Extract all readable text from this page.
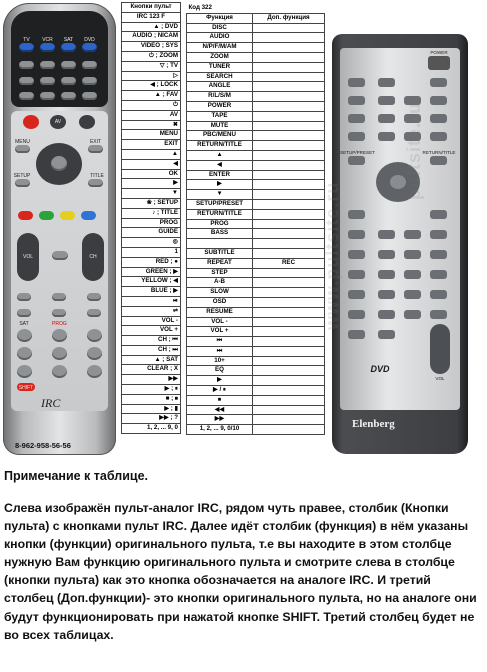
TV	VCR	SAT	DVD
AV
MENU	EXIT
SETUP	TITLE
VOL	CH
SAT	PROG
SHIFT
IRC
8-962-958-56-56
Кнопки пульт
IRC 123 F
▲ ; DVD
AUDIO ; NICAM
VIDEO ; SYS
⏻ ; ZOOM
▽ ; TV
▷
◀ ; LOCK
▲ ; FAV
⏻
AV
✖
MENU
EXIT
▲
◀
OK
▶
▼
❀ ; SETUP
♪ ; TITLE
PROG
GUIDE
◎
1
RED ; ●
GREEN ; ▶
YELLOW ; ◀
BLUE ; ▶
⏯
⇌
VOL -
VOL +
CH ; ⏮
CH ; ⏭
▲ ; SAT
CLEAR ; X
▶▶
▶ ; ⏸
■ ; ⏹
▶ ; ▮
▶▶ ; ?
1, 2, ... 9, 0
Код 322	
Функция	Доп. функция
DISC	
AUDIO	
N/P/F/M/AM	
ZOOM	
TUNER	
SEARCH	
ANGLE	
R/L/S/M	
POWER	
TAPE	
MUTE	
PBC/MENU	
RETURN/TITLE	
▲	
◀	
ENTER	
▶	
▼	
SETUP/PRESET	
RETURN/TITLE	
PROG	
BASS	

SUBTITLE	
REPEAT	REC
STEP	
A-B	
SLOW	
OSD	
RESUME	
VOL -	
VOL +	
⏮	
⏭	
10+	
EQ	
▶	
▶ / ⏸	
⏹	
◀◀	
▶▶	
1, 2, ... 9, 0/10	
POWER
SETUP/PRESET	RETURN/TITLE
VOL
DVD
Elenberg
www.pultsite.ru
pultsite.ru
Примечание к таблице.
Слева изображён пульт-аналог IRC, рядом чуть правее, столбик (Кнопки пульта) с кнопками пульт IRC. Далее идёт столбик (функция) в нём указаны кнопки (функции) оригинального пульта, т.е вы находите в этом столбце нужную Вам функцию оригинального пульта и смотрите слева в столбце (кнопки пульта) как это кнопка обозначается на аналоге IRC. И третий столбец (Доп.функции)- это кнопки оригинального пульта, но на аналоге они будут функционировать при нажатой кнопке SHIFT. Третий столбец будет не во всех таблицах.
